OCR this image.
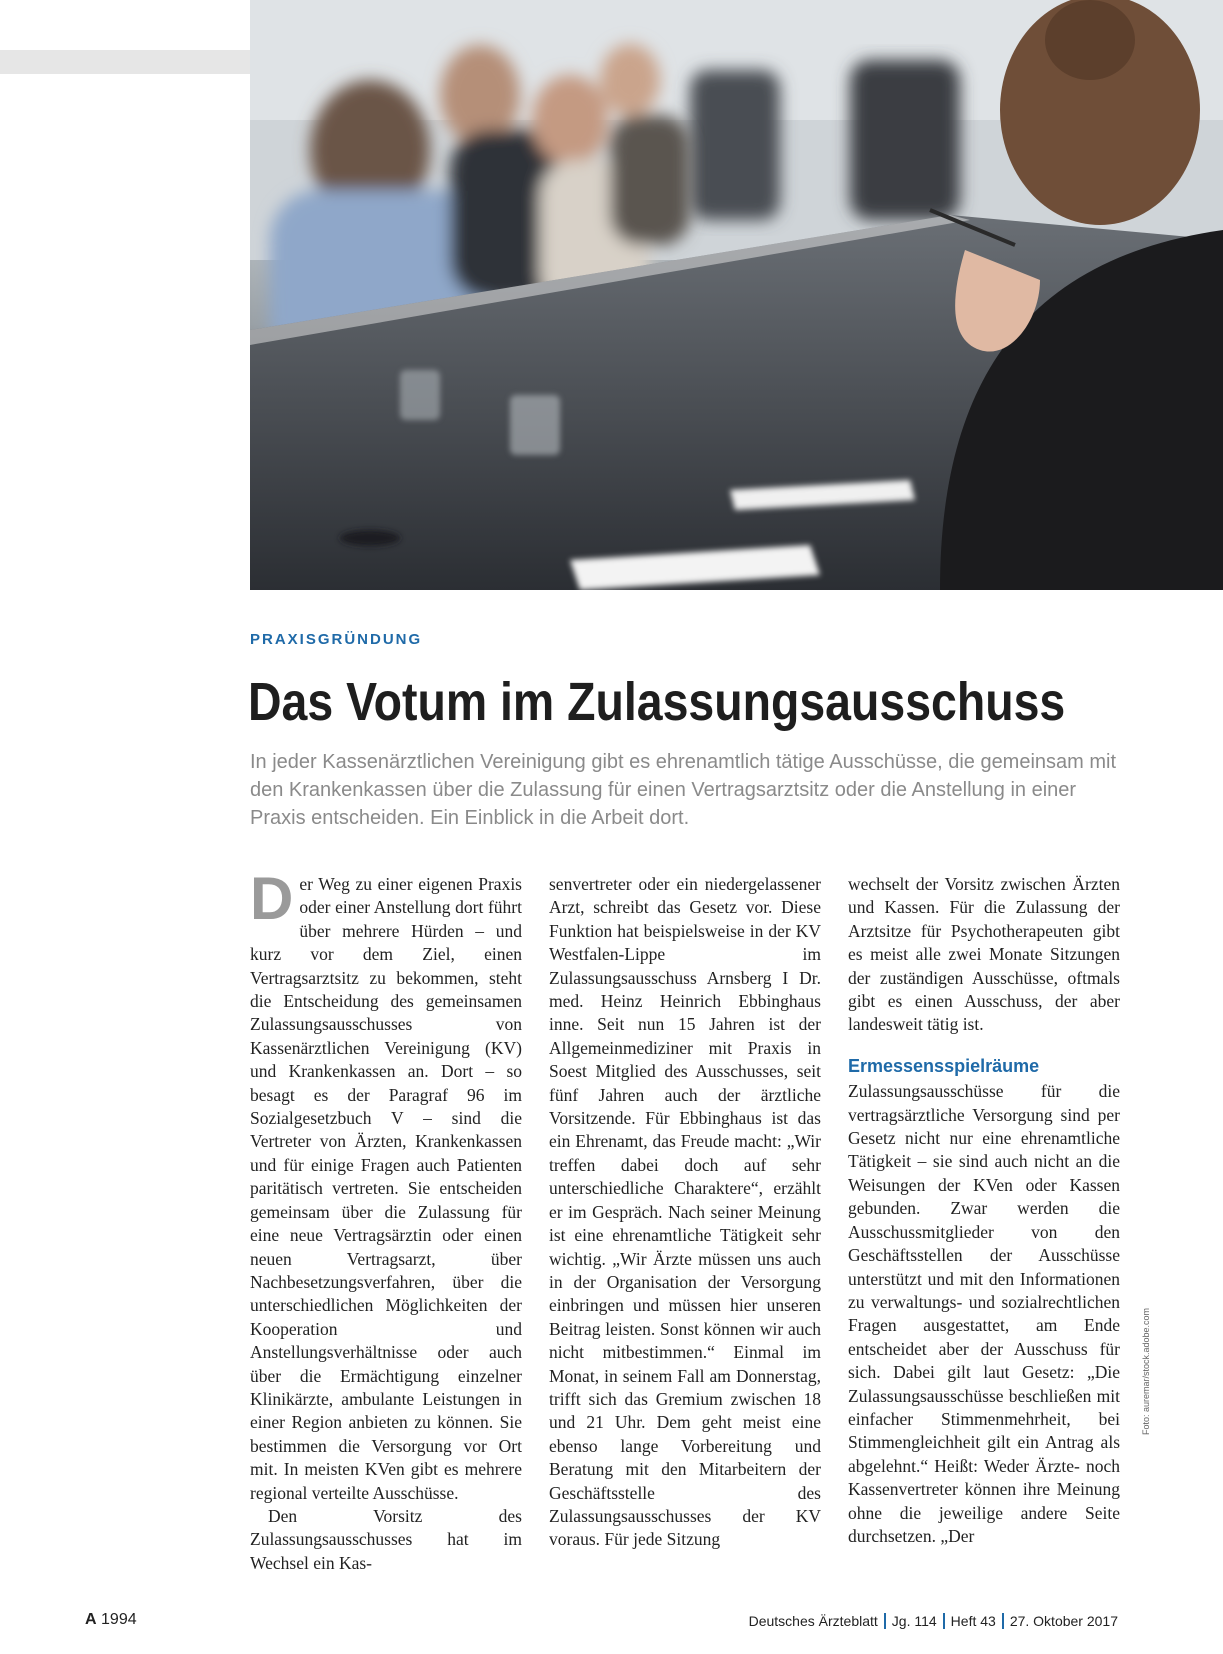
PRAXISGRÜNDUNG
Das Votum im Zulassungsausschuss
In jeder Kassenärztlichen Vereinigung gibt es ehrenamtlich tätige Ausschüsse, die gemeinsam mit den Krankenkassen über die Zulassung für einen Vertragsarztsitz oder die Anstellung in einer Praxis entscheiden. Ein Einblick in die Arbeit dort.

Der Weg zu einer eigenen Praxis oder einer Anstellung dort führt über mehrere Hürden – und kurz vor dem Ziel, einen Vertragsarztsitz zu bekommen, steht die Entscheidung des gemeinsamen Zulassungsausschusses von Kassenärztlichen Vereinigung (KV) und Krankenkassen an. Dort – so besagt es der Paragraf 96 im Sozialgesetzbuch V – sind die Vertreter von Ärzten, Krankenkassen und für einige Fragen auch Patienten paritätisch vertreten. Sie entscheiden gemeinsam über die Zulassung für eine neue Vertragsärztin oder einen neuen Vertragsarzt, über Nachbesetzungsverfahren, über die unterschiedlichen Möglichkeiten der Kooperation und Anstellungsverhältnisse oder auch über die Ermächtigung einzelner Klinikärzte, ambulante Leistungen in einer Region anbieten zu können. Sie bestimmen die Versorgung vor Ort mit. In meisten KVen gibt es mehrere regional verteilte Ausschüsse.

Den Vorsitz des Zulassungsausschusses hat im Wechsel ein Kas-

senvertreter oder ein niedergelassener Arzt, schreibt das Gesetz vor. Diese Funktion hat beispielsweise in der KV Westfalen-Lippe im Zulassungsausschuss Arnsberg I Dr. med. Heinz Heinrich Ebbinghaus inne. Seit nun 15 Jahren ist der Allgemeinmediziner mit Praxis in Soest Mitglied des Ausschusses, seit fünf Jahren auch der ärztliche Vorsitzende. Für Ebbinghaus ist das ein Ehrenamt, das Freude macht: „Wir treffen dabei doch auf sehr unterschiedliche Charaktere“, erzählt er im Gespräch. Nach seiner Meinung ist eine ehrenamtliche Tätigkeit sehr wichtig. „Wir Ärzte müssen uns auch in der Organisation der Versorgung einbringen und müssen hier unseren Beitrag leisten. Sonst können wir auch nicht mitbestimmen.“ Einmal im Monat, in seinem Fall am Donnerstag, trifft sich das Gremium zwischen 18 und 21 Uhr. Dem geht meist eine ebenso lange Vorbereitung und Beratung mit den Mitarbeitern der Geschäftsstelle des Zulassungsausschusses der KV voraus. Für jede Sitzung

wechselt der Vorsitz zwischen Ärzten und Kassen. Für die Zulassung der Arztsitze für Psychotherapeuten gibt es meist alle zwei Monate Sitzungen der zuständigen Ausschüsse, oftmals gibt es einen Ausschuss, der aber landesweit tätig ist.

Ermessensspielräume

Zulassungsausschüsse für die vertragsärztliche Versorgung sind per Gesetz nicht nur eine ehrenamtliche Tätigkeit – sie sind auch nicht an die Weisungen der KVen oder Kassen gebunden. Zwar werden die Ausschussmitglieder von den Geschäftsstellen der Ausschüsse unterstützt und mit den Informationen zu verwaltungs- und sozialrechtlichen Fragen ausgestattet, am Ende entscheidet aber der Ausschuss für sich. Dabei gilt laut Gesetz: „Die Zulassungsausschüsse beschließen mit einfacher Stimmenmehrheit, bei Stimmengleichheit gilt ein Antrag als abgelehnt.“ Heißt: Weder Ärzte- noch Kassenvertreter können ihre Meinung ohne die jeweilige andere Seite durchsetzen. „Der

Foto: auremar/stock.adobe.com
A 1994	Deutsches Ärzteblatt Jg. 114 Heft 43 27. Oktober 2017
